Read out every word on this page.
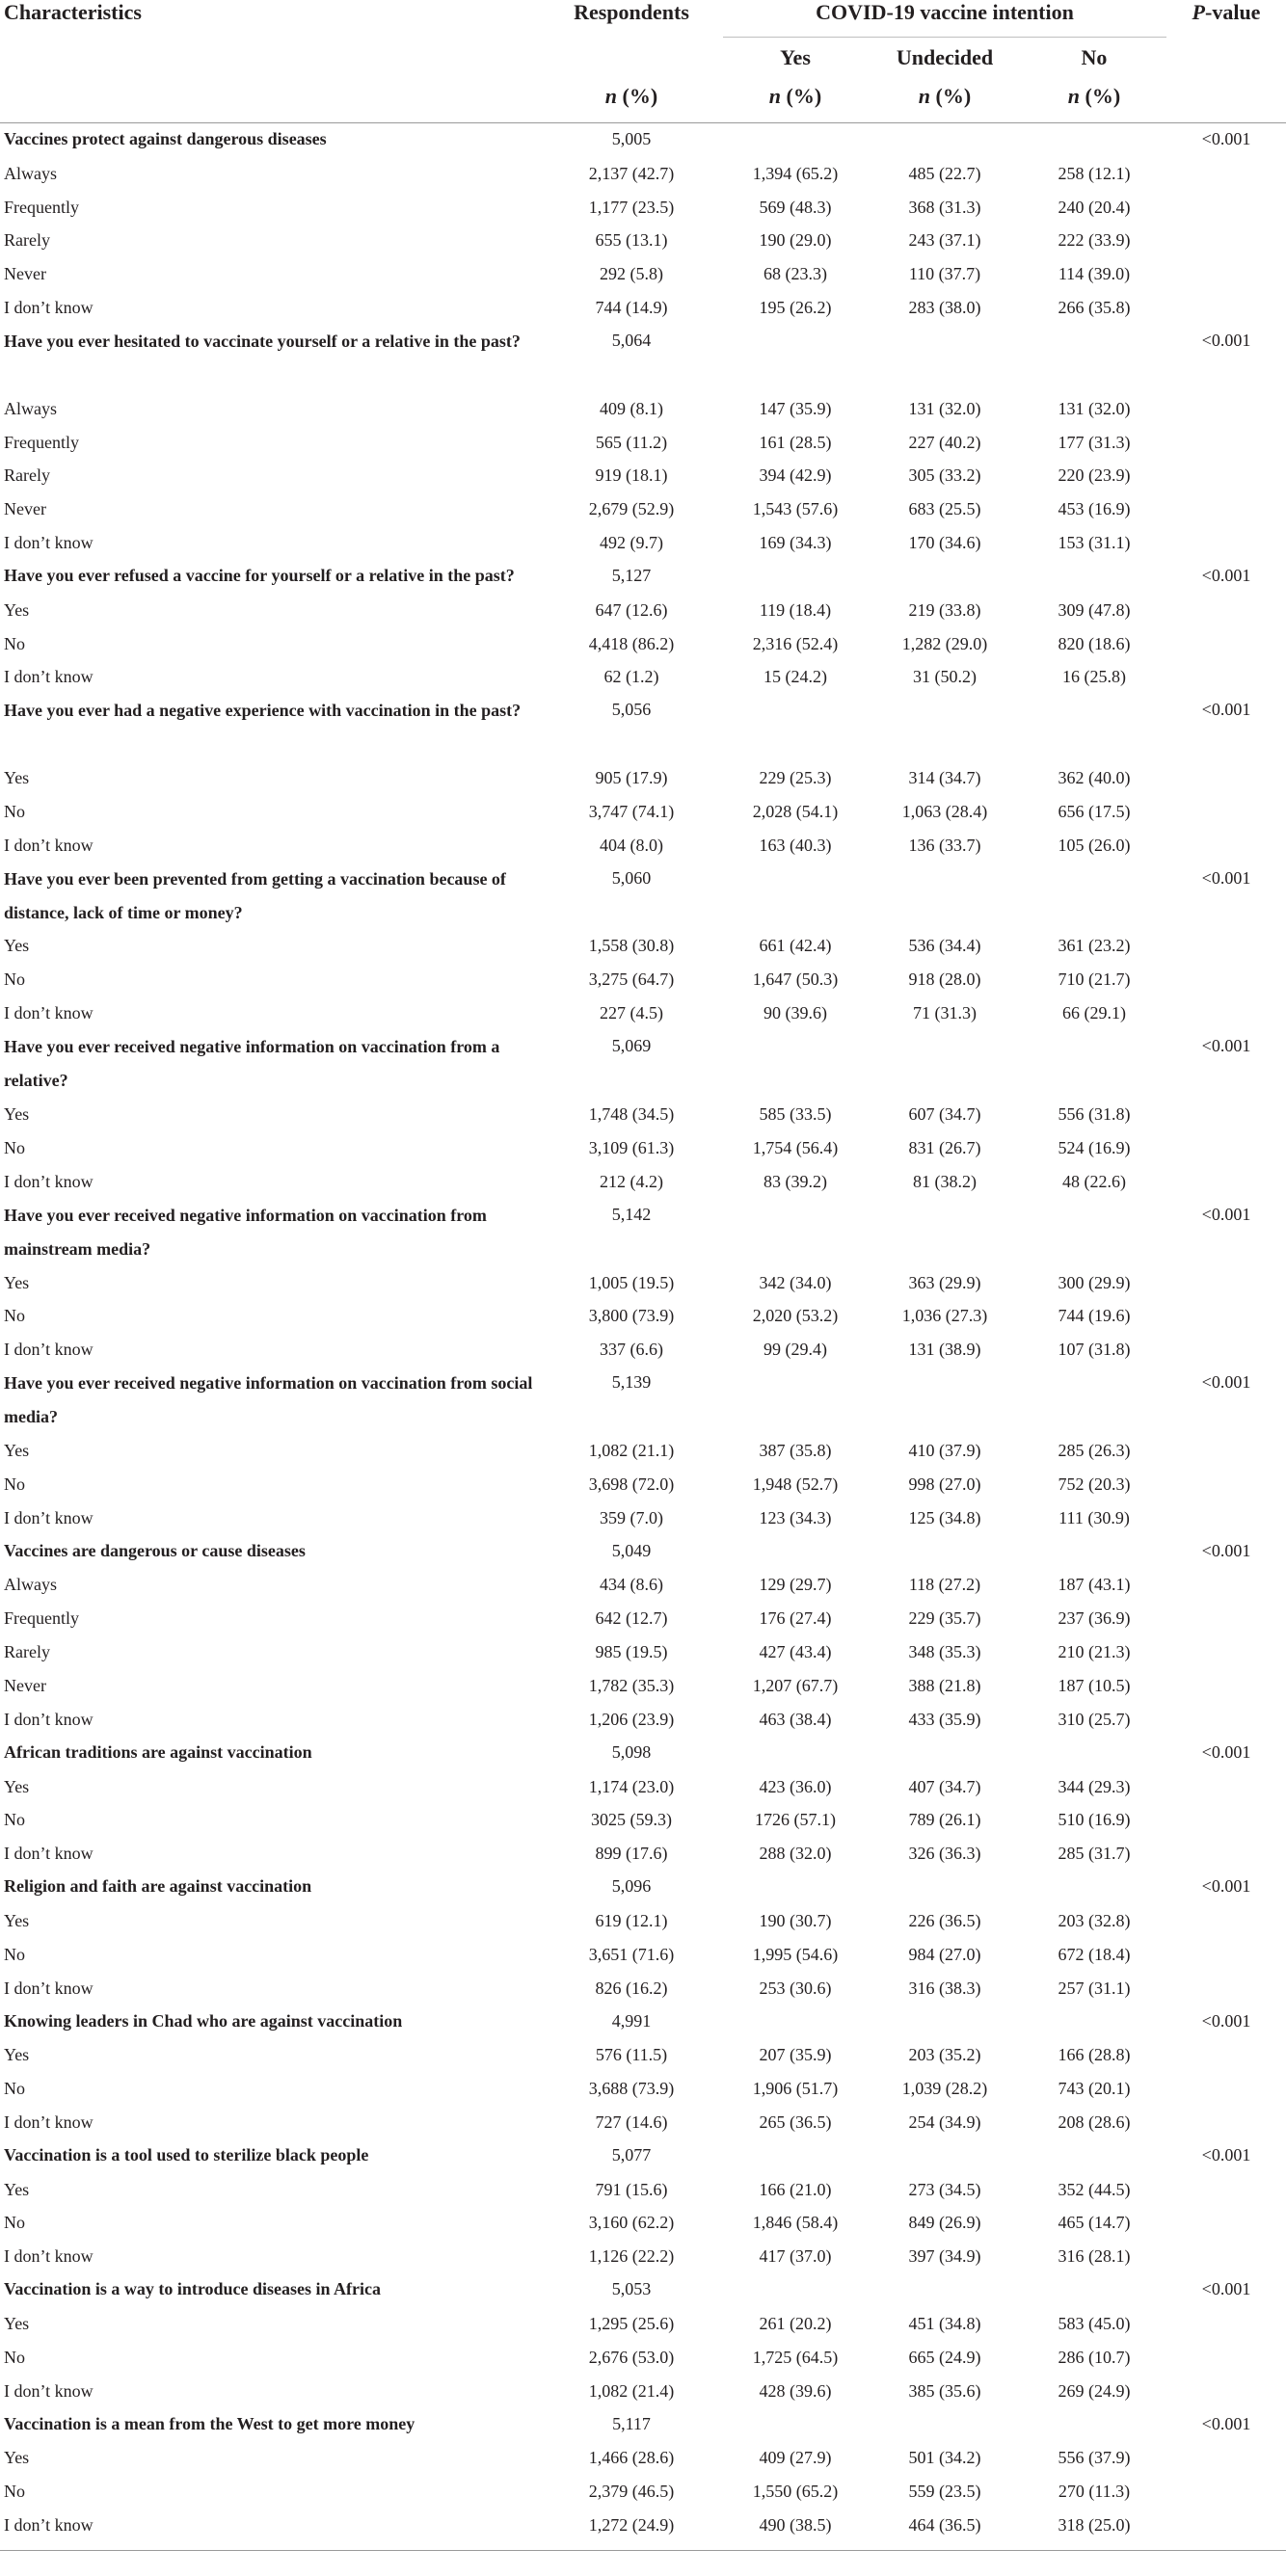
Characteristics	Respondents	COVID-19 vaccine intention			P-value
		Yes	Undecided	No	
	n (%)	n (%)	n (%)	n (%)	
Vaccines protect against dangerous diseases	5,005				<0.001
Always	2,137 (42.7)	1,394 (65.2)	485 (22.7)	258 (12.1)	
Frequently	1,177 (23.5)	569 (48.3)	368 (31.3)	240 (20.4)	
Rarely	655 (13.1)	190 (29.0)	243 (37.1)	222 (33.9)	
Never	292 (5.8)	68 (23.3)	110 (37.7)	114 (39.0)	
I don’t know	744 (14.9)	195 (26.2)	283 (38.0)	266 (35.8)	
Have you ever hesitated to vaccinate yourself or a relative in the past?	5,064				<0.001
Always	409 (8.1)	147 (35.9)	131 (32.0)	131 (32.0)	
Frequently	565 (11.2)	161 (28.5)	227 (40.2)	177 (31.3)	
Rarely	919 (18.1)	394 (42.9)	305 (33.2)	220 (23.9)	
Never	2,679 (52.9)	1,543 (57.6)	683 (25.5)	453 (16.9)	
I don’t know	492 (9.7)	169 (34.3)	170 (34.6)	153 (31.1)	
Have you ever refused a vaccine for yourself or a relative in the past?	5,127				<0.001
Yes	647 (12.6)	119 (18.4)	219 (33.8)	309 (47.8)	
No	4,418 (86.2)	2,316 (52.4)	1,282 (29.0)	820 (18.6)	
I don’t know	62 (1.2)	15 (24.2)	31 (50.2)	16 (25.8)	
Have you ever had a negative experience with vaccination in the past?	5,056				<0.001
Yes	905 (17.9)	229 (25.3)	314 (34.7)	362 (40.0)	
No	3,747 (74.1)	2,028 (54.1)	1,063 (28.4)	656 (17.5)	
I don’t know	404 (8.0)	163 (40.3)	136 (33.7)	105 (26.0)	
Have you ever been prevented from getting a vaccination because of distance, lack of time or money?	5,060				<0.001
Yes	1,558 (30.8)	661 (42.4)	536 (34.4)	361 (23.2)	
No	3,275 (64.7)	1,647 (50.3)	918 (28.0)	710 (21.7)	
I don’t know	227 (4.5)	90 (39.6)	71 (31.3)	66 (29.1)	
Have you ever received negative information on vaccination from a relative?	5,069				<0.001
Yes	1,748 (34.5)	585 (33.5)	607 (34.7)	556 (31.8)	
No	3,109 (61.3)	1,754 (56.4)	831 (26.7)	524 (16.9)	
I don’t know	212 (4.2)	83 (39.2)	81 (38.2)	48 (22.6)	
Have you ever received negative information on vaccination from mainstream media?	5,142				<0.001
Yes	1,005 (19.5)	342 (34.0)	363 (29.9)	300 (29.9)	
No	3,800 (73.9)	2,020 (53.2)	1,036 (27.3)	744 (19.6)	
I don’t know	337 (6.6)	99 (29.4)	131 (38.9)	107 (31.8)	
Have you ever received negative information on vaccination from social media?	5,139				<0.001
Yes	1,082 (21.1)	387 (35.8)	410 (37.9)	285 (26.3)	
No	3,698 (72.0)	1,948 (52.7)	998 (27.0)	752 (20.3)	
I don’t know	359 (7.0)	123 (34.3)	125 (34.8)	111 (30.9)	
Vaccines are dangerous or cause diseases	5,049				<0.001
Always	434 (8.6)	129 (29.7)	118 (27.2)	187 (43.1)	
Frequently	642 (12.7)	176 (27.4)	229 (35.7)	237 (36.9)	
Rarely	985 (19.5)	427 (43.4)	348 (35.3)	210 (21.3)	
Never	1,782 (35.3)	1,207 (67.7)	388 (21.8)	187 (10.5)	
I don’t know	1,206 (23.9)	463 (38.4)	433 (35.9)	310 (25.7)	
African traditions are against vaccination	5,098				<0.001
Yes	1,174 (23.0)	423 (36.0)	407 (34.7)	344 (29.3)	
No	3025 (59.3)	1726 (57.1)	789 (26.1)	510 (16.9)	
I don’t know	899 (17.6)	288 (32.0)	326 (36.3)	285 (31.7)	
Religion and faith are against vaccination	5,096				<0.001
Yes	619 (12.1)	190 (30.7)	226 (36.5)	203 (32.8)	
No	3,651 (71.6)	1,995 (54.6)	984 (27.0)	672 (18.4)	
I don’t know	826 (16.2)	253 (30.6)	316 (38.3)	257 (31.1)	
Knowing leaders in Chad who are against vaccination	4,991				<0.001
Yes	576 (11.5)	207 (35.9)	203 (35.2)	166 (28.8)	
No	3,688 (73.9)	1,906 (51.7)	1,039 (28.2)	743 (20.1)	
I don’t know	727 (14.6)	265 (36.5)	254 (34.9)	208 (28.6)	
Vaccination is a tool used to sterilize black people	5,077				<0.001
Yes	791 (15.6)	166 (21.0)	273 (34.5)	352 (44.5)	
No	3,160 (62.2)	1,846 (58.4)	849 (26.9)	465 (14.7)	
I don’t know	1,126 (22.2)	417 (37.0)	397 (34.9)	316 (28.1)	
Vaccination is a way to introduce diseases in Africa	5,053				<0.001
Yes	1,295 (25.6)	261 (20.2)	451 (34.8)	583 (45.0)	
No	2,676 (53.0)	1,725 (64.5)	665 (24.9)	286 (10.7)	
I don’t know	1,082 (21.4)	428 (39.6)	385 (35.6)	269 (24.9)	
Vaccination is a mean from the West to get more money	5,117				<0.001
Yes	1,466 (28.6)	409 (27.9)	501 (34.2)	556 (37.9)	
No	2,379 (46.5)	1,550 (65.2)	559 (23.5)	270 (11.3)	
I don’t know	1,272 (24.9)	490 (38.5)	464 (36.5)	318 (25.0)	
